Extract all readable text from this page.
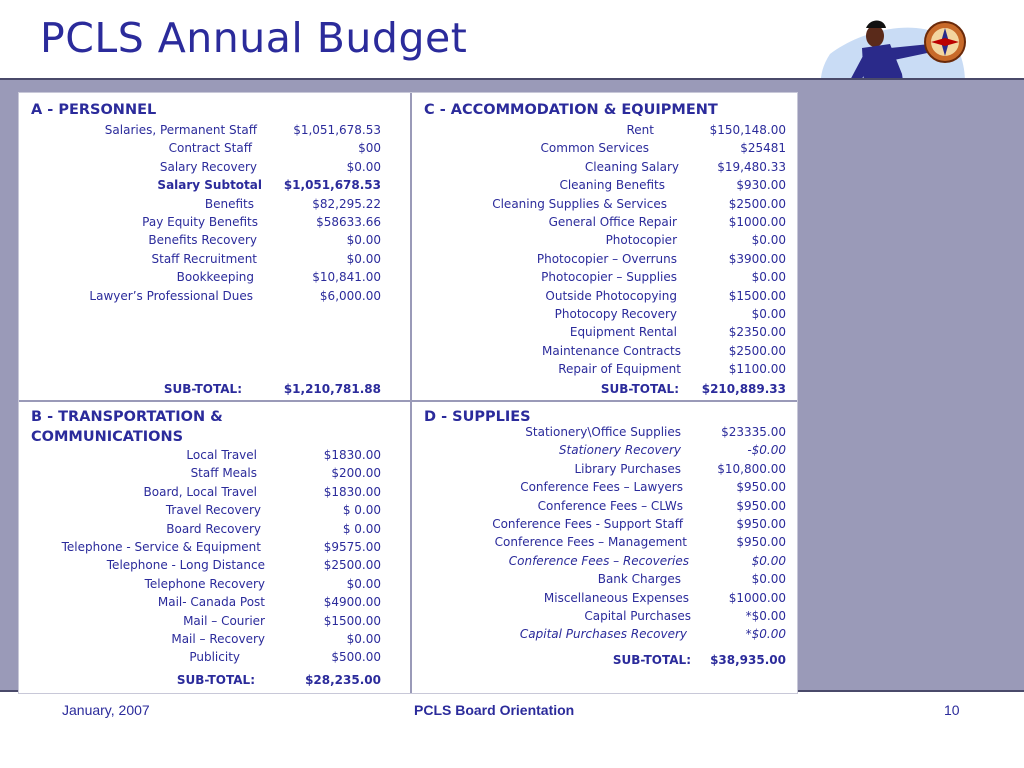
PCLS Annual Budget
A - PERSONNEL
Salaries, Permanent Staff	$1,051,678.53
Contract Staff	$00
Salary Recovery	$0.00
Salary Subtotal $1,051,678.53
Benefits	$82,295.22
Pay Equity Benefits	$58633.66
Benefits Recovery	$0.00
Staff Recruitment	$0.00
Bookkeeping	$10,841.00
Lawyer’s Professional Dues	$6,000.00
SUB-TOTAL:	$1,210,781.88
C - ACCOMMODATION & EQUIPMENT
Rent	$150,148.00
Common Services	$25481
Cleaning Salary	$19,480.33
Cleaning Benefits	$930.00
Cleaning Supplies & Services	$2500.00
General Office Repair	$1000.00
Photocopier	$0.00
Photocopier – Overruns	$3900.00
Photocopier – Supplies	$0.00
Outside Photocopying	$1500.00
Photocopy Recovery	$0.00
Equipment Rental	$2350.00
Maintenance Contracts	$2500.00
Repair of Equipment	$1100.00
SUB-TOTAL: $210,889.33
B - TRANSPORTATION &
COMMUNICATIONS
Local Travel	$1830.00
Staff Meals	$200.00
Board, Local Travel	$1830.00
Travel Recovery	$ 0.00
Board Recovery	$ 0.00
Telephone - Service & Equipment	$9575.00
Telephone - Long Distance	$2500.00
Telephone Recovery	$0.00
Mail- Canada Post	$4900.00
Mail – Courier	$1500.00
Mail – Recovery	$0.00
Publicity	$500.00
SUB-TOTAL:	$28,235.00
D - SUPPLIES
Stationery\Office Supplies	$23335.00
Stationery Recovery	-$0.00
Library Purchases	$10,800.00
Conference Fees – Lawyers	$950.00
Conference Fees – CLWs	$950.00
Conference Fees - Support Staff	$950.00
Conference Fees – Management	$950.00
Conference Fees – Recoveries	$0.00
Bank Charges	$0.00
Miscellaneous Expenses	$1000.00
Capital Purchases	*$0.00
Capital Purchases Recovery	*$0.00
SUB-TOTAL: $38,935.00
January, 2007	PCLS Board Orientation	10
